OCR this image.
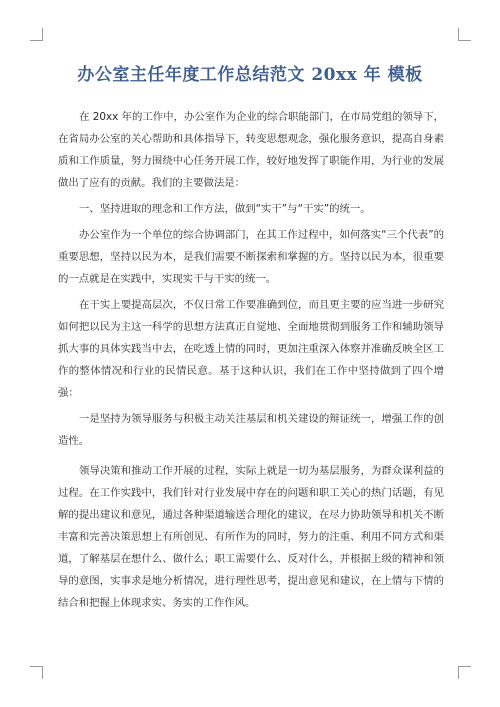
办公室主任年度工作总结范文 20xx 年 模板

在 20xx 年的工作中，办公室作为企业的综合职能部门，在市局党组的领导下，在省局办公室的关心帮助和具体指导下，转变思想观念，强化服务意识，提高自身素质和工作质量，努力围绕中心任务开展工作，较好地发挥了职能作用，为行业的发展做出了应有的贡献。我们的主要做法是：

一、坚持进取的理念和工作方法，做到“实干”与“干实”的统一。

办公室作为一个单位的综合协调部门，在其工作过程中，如何落实“三个代表”的重要思想，坚持以民为本，是我们需要不断探索和掌握的方。坚持以民为本，很重要的一点就是在实践中，实现实干与干实的统一。

在干实上要提高层次，不仅日常工作要准确到位，而且更主要的应当进一步研究如何把以民为主这一科学的思想方法真正自觉地、全面地贯彻到服务工作和辅助领导抓大事的具体实践当中去，在吃透上情的同时，更加注重深入体察并准确反映全区工作的整体情况和行业的民情民意。基于这种认识，我们在工作中坚持做到了四个增强：

一是坚持为领导服务与积极主动关注基层和机关建设的辩证统一，增强工作的创造性。

领导决策和推动工作开展的过程，实际上就是一切为基层服务，为群众谋利益的过程。在工作实践中，我们针对行业发展中存在的问题和职工关心的热门话题，有见解的提出建议和意见，通过各种渠道输送合理化的建议，在尽力协助领导和机关不断丰富和完善决策思想上有所创见、有所作为的同时，努力的注重、利用不同方式和渠道，了解基层在想什么、做什么；职工需要什么、反对什么，并根据上级的精神和领导的意图，实事求是地分析情况，进行理性思考，提出意见和建议，在上情与下情的结合和把握上体现求实、务实的工作作风。
